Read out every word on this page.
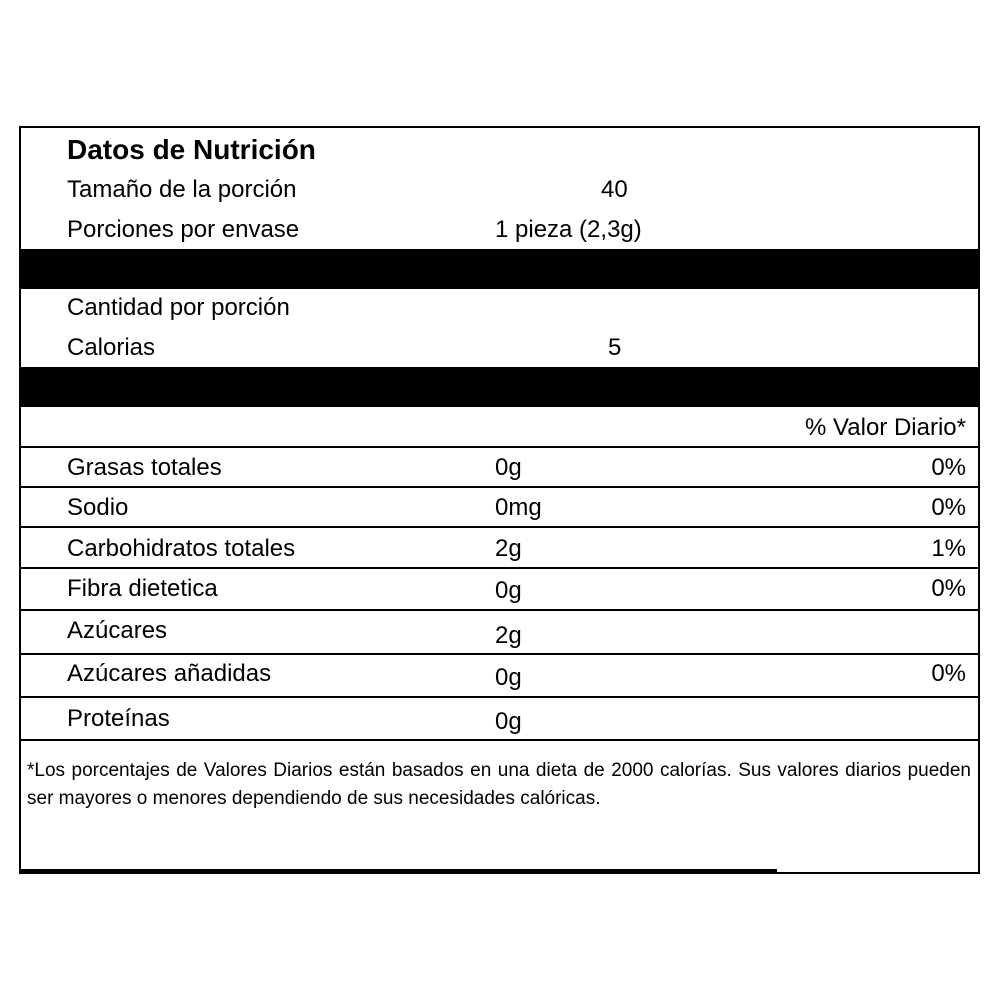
Datos de Nutrición
Tamaño de la porción	40
Porciones por envase	1 pieza (2,3g)
Cantidad por porción
Calorias	5
% Valor Diario*
Grasas totales	0g	0%
Sodio	0mg	0%
Carbohidratos totales	2g	1%
Fibra dietetica	0g	0%
Azúcares	2g
Azúcares añadidas	0g	0%
Proteínas	0g
*Los porcentajes de Valores Diarios están basados en una dieta de 2000 calorías. Sus valores diarios pueden ser mayores o menores dependiendo de sus necesidades calóricas.
